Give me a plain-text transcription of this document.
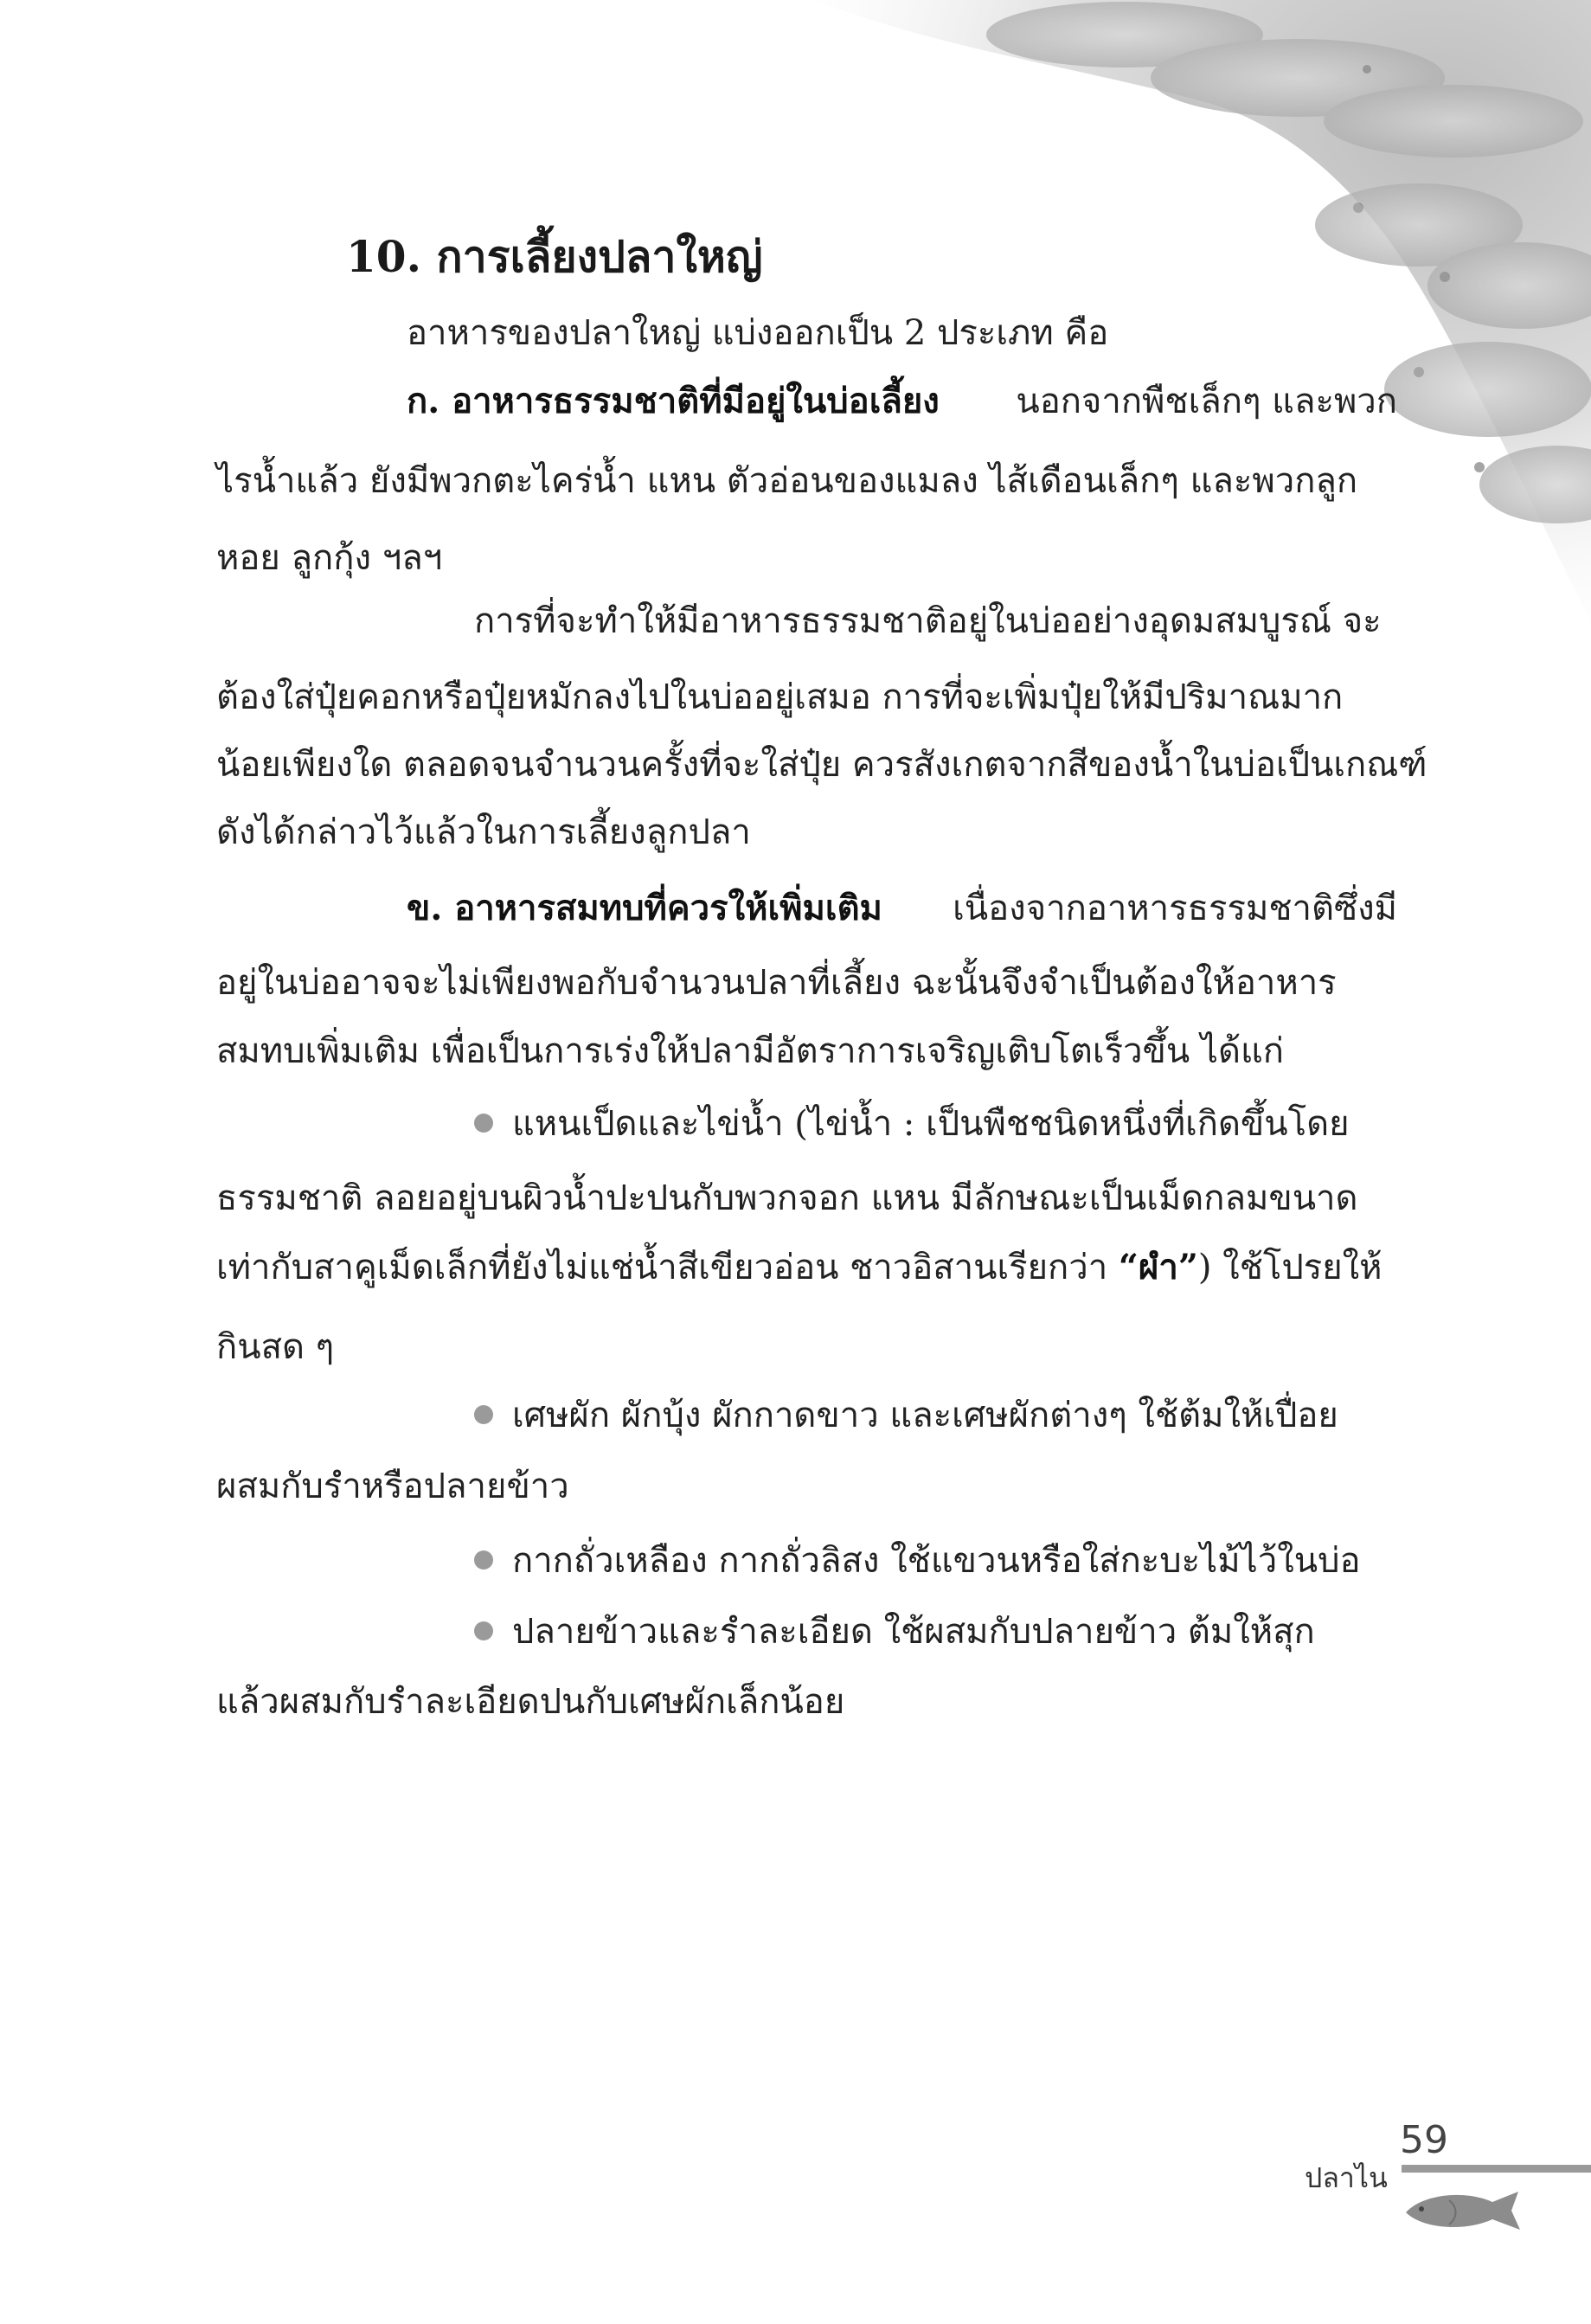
10. การเลี้ยงปลาใหญ่
อาหารของปลาใหญ่ แบ่งออกเป็น 2 ประเภท คือ
ก. อาหารธรรมชาติที่มีอยู่ในบ่อเลี้ยง นอกจากพืชเล็กๆ และพวก
ไรน้ำแล้ว ยังมีพวกตะไคร่น้ำ แหน ตัวอ่อนของแมลง ไส้เดือนเล็กๆ และพวกลูก
หอย ลูกกุ้ง ฯลฯ
การที่จะทำให้มีอาหารธรรมชาติอยู่ในบ่ออย่างอุดมสมบูรณ์ จะ
ต้องใส่ปุ๋ยคอกหรือปุ๋ยหมักลงไปในบ่ออยู่เสมอ การที่จะเพิ่มปุ๋ยให้มีปริมาณมาก
น้อยเพียงใด ตลอดจนจำนวนครั้งที่จะใส่ปุ๋ย ควรสังเกตจากสีของน้ำในบ่อเป็นเกณฑ์
ดังได้กล่าวไว้แล้วในการเลี้ยงลูกปลา
ข. อาหารสมทบที่ควรให้เพิ่มเติม เนื่องจากอาหารธรรมชาติซึ่งมี
อยู่ในบ่ออาจจะไม่เพียงพอกับจำนวนปลาที่เลี้ยง ฉะนั้นจึงจำเป็นต้องให้อาหาร
สมทบเพิ่มเติม เพื่อเป็นการเร่งให้ปลามีอัตราการเจริญเติบโตเร็วขึ้น ได้แก่
แหนเป็ดและไข่น้ำ (ไข่น้ำ : เป็นพืชชนิดหนึ่งที่เกิดขึ้นโดย
ธรรมชาติ ลอยอยู่บนผิวน้ำปะปนกับพวกจอก แหน มีลักษณะเป็นเม็ดกลมขนาด
เท่ากับสาคูเม็ดเล็กที่ยังไม่แช่น้ำสีเขียวอ่อน ชาวอิสานเรียกว่า “ผำ”) ใช้โปรยให้
กินสด ๆ
เศษผัก ผักบุ้ง ผักกาดขาว และเศษผักต่างๆ ใช้ต้มให้เปื่อย
ผสมกับรำหรือปลายข้าว
กากถั่วเหลือง กากถั่วลิสง ใช้แขวนหรือใส่กะบะไม้ไว้ในบ่อ
ปลายข้าวและรำละเอียด ใช้ผสมกับปลายข้าว ต้มให้สุก
แล้วผสมกับรำละเอียดปนกับเศษผักเล็กน้อย
59
ปลาไน
